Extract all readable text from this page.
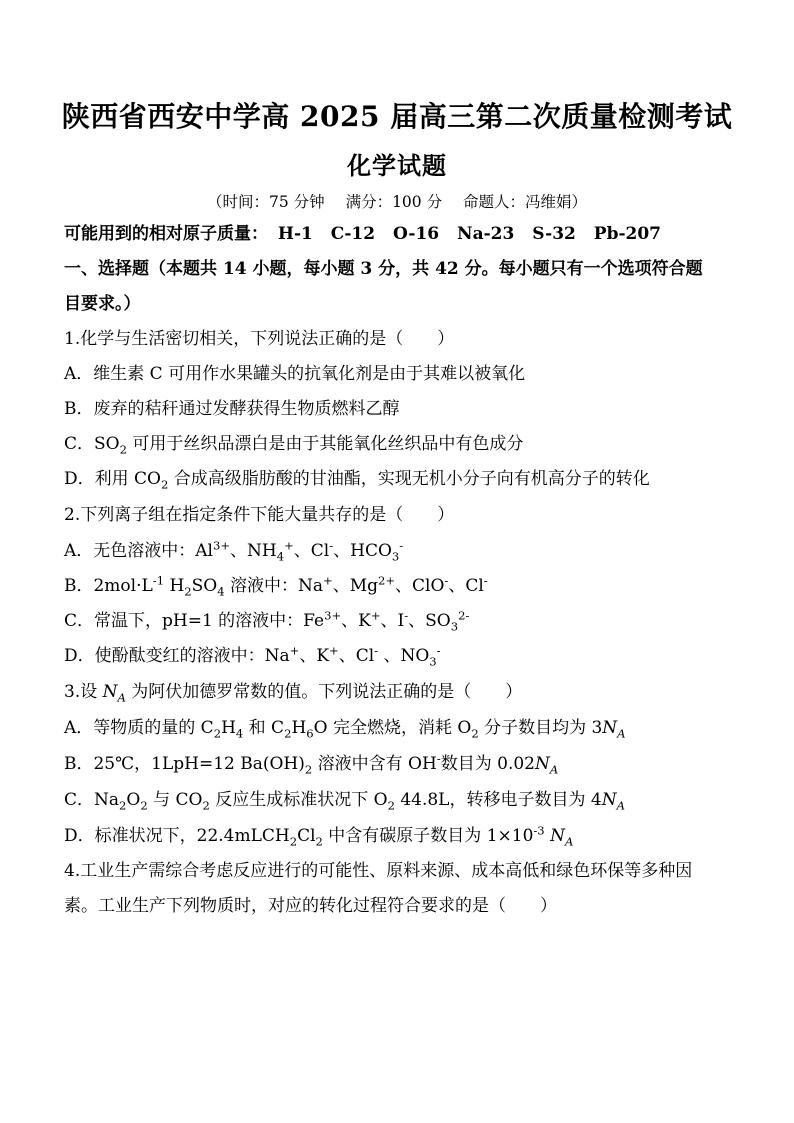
陕西省西安中学高 2025 届高三第二次质量检测考试
化学试题
（时间：75 分钟 满分：100 分 命题人：冯维娟）
可能用到的相对原子质量： H-1 C-12 O-16 Na-23 S-32 Pb-207
一、选择题（本题共 14 小题，每小题 3 分，共 42 分。每小题只有一个选项符合题
目要求。）
1.化学与生活密切相关，下列说法正确的是（　　）
A．维生素 C 可用作水果罐头的抗氧化剂是由于其难以被氧化
B．废弃的秸秆通过发酵获得生物质燃料乙醇
C．$SO_2$ 可用于丝织品漂白是由于其能氧化丝织品中有色成分
D．利用 $CO_2$ 合成高级脂肪酸的甘油酯，实现无机小分子向有机高分子的转化
2.下列离子组在指定条件下能大量共存的是（　　）
A．无色溶液中：$Al^{3+}$、$NH_4^+$、Cl-、$HCO_3^-$
B．$2mol\cdot L^{-1}$ $H_2SO_4$ 溶液中：Na+、$Mg^{2+}$、ClO-、Cl-
C．常温下，pH=1 的溶液中：$Fe^{3+}$、K+、I-、$SO_3^{2-}$
D．使酚酞变红的溶液中：Na+、K+、Cl- 、$NO_3^-$
3.设 $N_A$ 为阿伏加德罗常数的值。下列说法正确的是（　　）
A．等物质的量的 $C_2H_4$ 和 $C_2H_6O$ 完全燃烧，消耗 $O_2$ 分子数目均为 $3N_A$
B．25℃，1LpH=12 $Ba(OH)_2$ 溶液中含有 OH-数目为 $0.02N_A$
C．$Na_2O_2$ 与 $CO_2$ 反应生成标准状况下 $O_2$ 44.8L，转移电子数目为 $4N_A$
D．标准状况下，$22.4mLCH_2Cl_2$ 中含有碳原子数目为 $1\times 10^{-3}$ $N_A$
4.工业生产需综合考虑反应进行的可能性、原料来源、成本高低和绿色环保等多种因
素。工业生产下列物质时，对应的转化过程符合要求的是（　　）
